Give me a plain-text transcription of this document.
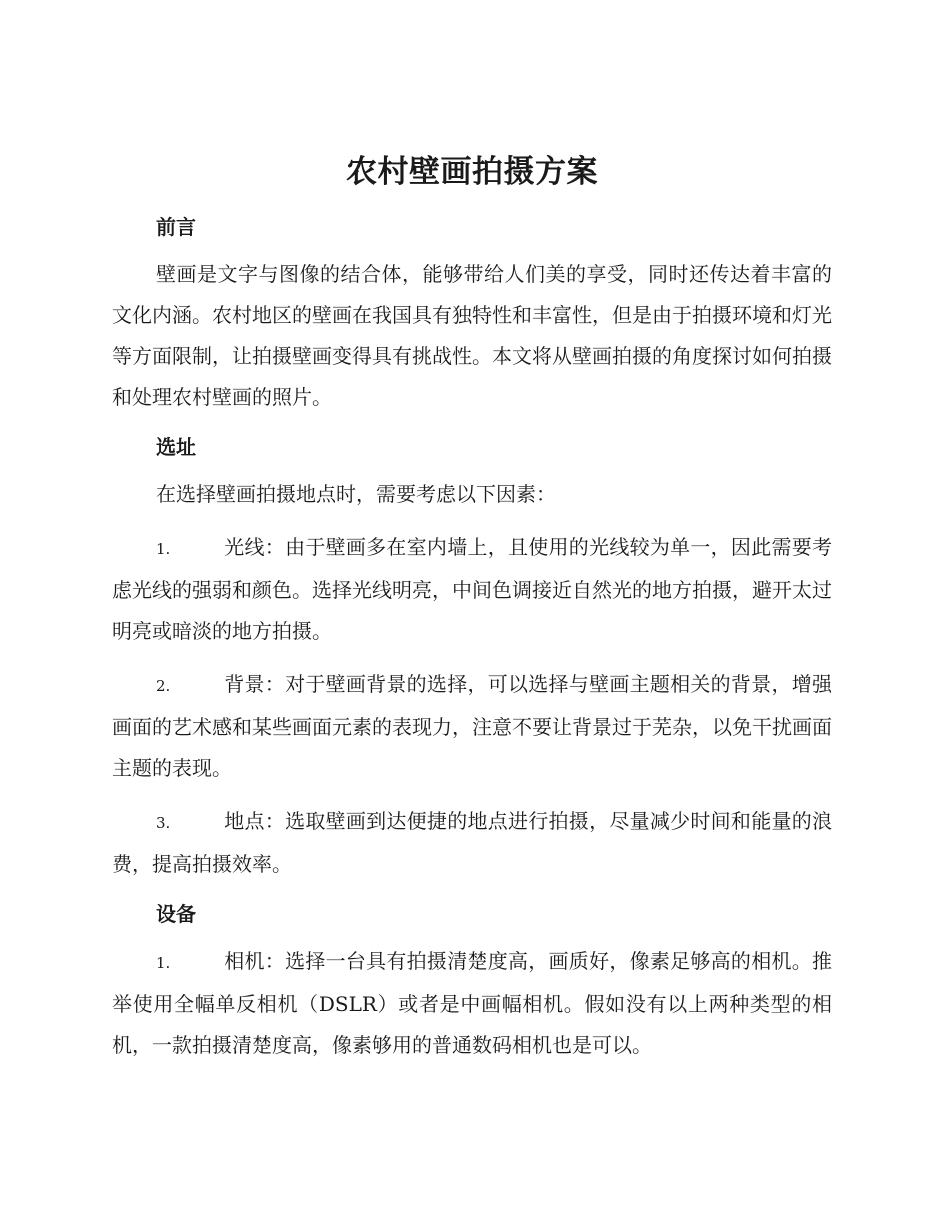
农村壁画拍摄方案
前言

壁画是文字与图像的结合体，能够带给人们美的享受，同时还传达着丰富的文化内涵。农村地区的壁画在我国具有独特性和丰富性，但是由于拍摄环境和灯光等方面限制，让拍摄壁画变得具有挑战性。本文将从壁画拍摄的角度探讨如何拍摄和处理农村壁画的照片。

选址

在选择壁画拍摄地点时，需要考虑以下因素：

1.	光线：由于壁画多在室内墙上，且使用的光线较为单一，因此需要考虑光线的强弱和颜色。选择光线明亮，中间色调接近自然光的地方拍摄，避开太过明亮或暗淡的地方拍摄。

2.	背景：对于壁画背景的选择，可以选择与壁画主题相关的背景，增强画面的艺术感和某些画面元素的表现力，注意不要让背景过于芜杂，以免干扰画面主题的表现。

3.	地点：选取壁画到达便捷的地点进行拍摄，尽量减少时间和能量的浪费，提高拍摄效率。

设备

1.	相机：选择一台具有拍摄清楚度高，画质好，像素足够高的相机。推举使用全幅单反相机（DSLR）或者是中画幅相机。假如没有以上两种类型的相机，一款拍摄清楚度高，像素够用的普通数码相机也是可以。
